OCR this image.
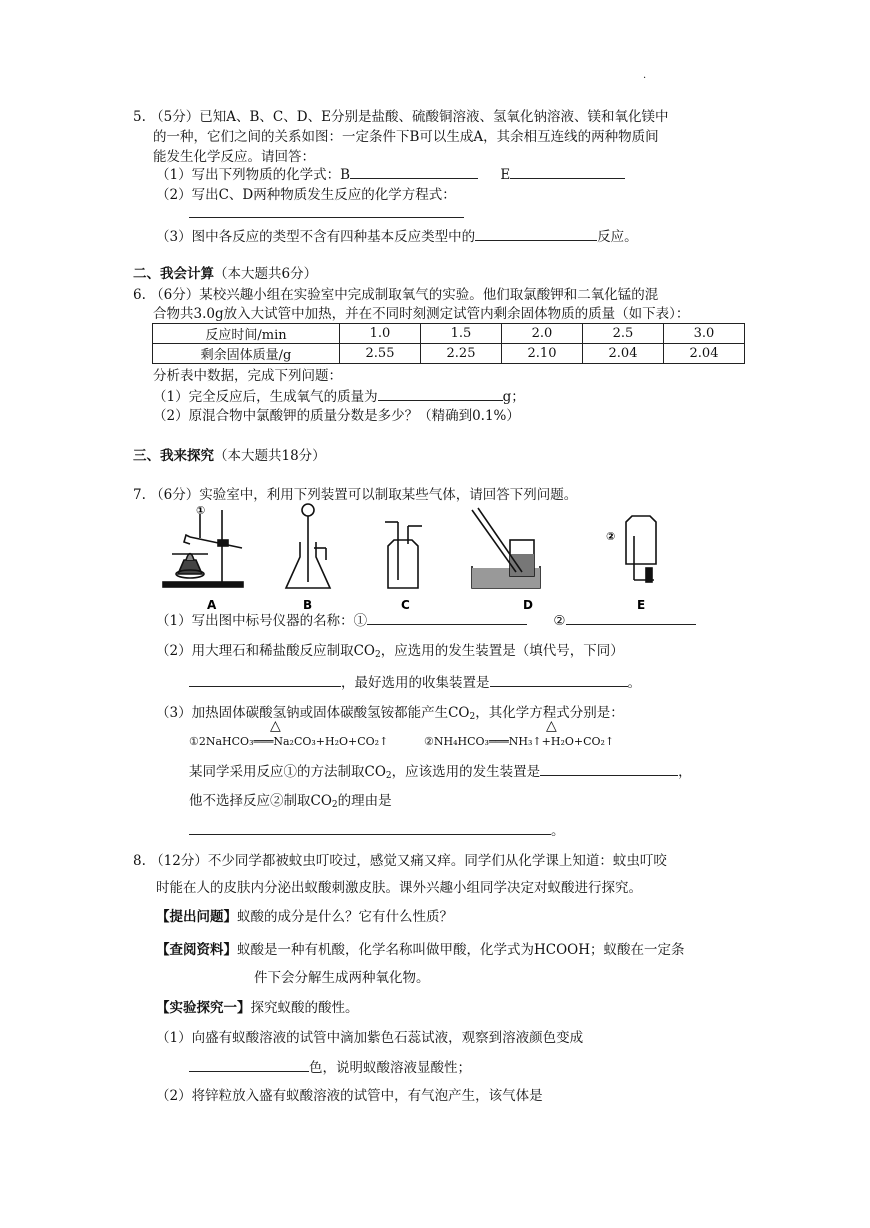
.
5. （5分）已知A、B、C、D、E分别是盐酸、硫酸铜溶液、氢氧化钠溶液、镁和氧化镁中
的一种，它们之间的关系如图：一定条件下B可以生成A，其余相互连线的两种物质间
能发生化学反应。请回答：
（1）写出下列物质的化学式：B	E
（2）写出C、D两种物质发生反应的化学方程式：
（3）图中各反应的类型不含有四种基本反应类型中的	反应。
二、我会计算（本大题共6分）
6. （6分）某校兴趣小组在实验室中完成制取氧气的实验。他们取氯酸钾和二氧化锰的混
合物共3.0g放入大试管中加热，并在不同时刻测定试管内剩余固体物质的质量（如下表）：
反应时间/min	1.0	1.5	2.0	2.5	3.0
剩余固体质量/g	2.55	2.25	2.10	2.04	2.04
分析表中数据，完成下列问题：
（1）完全反应后，生成氧气的质量为	g；
（2）原混合物中氯酸钾的质量分数是多少？（精确到0.1%）
三、我来探究（本大题共18分）
7. （6分）实验室中，利用下列装置可以制取某些气体，请回答下列问题。
①
A	B	C	D
②
E
（1）写出图中标号仪器的名称：①	②
（2）用大理石和稀盐酸反应制取$CO_2$，应选用的发生装置是（填代号，下同）
，最好选用的收集装置是	。
（3）加热固体碳酸氢钠或固体碳酸氢铵都能产生$CO_2$，其化学方程式分别是：
△	△
①2NaHCO₃═══Na₂CO₃+H₂O+CO₂↑	②NH₄HCO₃═══NH₃↑+H₂O+CO₂↑
某同学采用反应①的方法制取$CO_2$，应该选用的发生装置是	，
他不选择反应②制取$CO_2$的理由是
。
8. （12分）不少同学都被蚊虫叮咬过，感觉又痛又痒。同学们从化学课上知道：蚊虫叮咬
时能在人的皮肤内分泌出蚁酸刺激皮肤。课外兴趣小组同学决定对蚁酸进行探究。
【提出问题】蚁酸的成分是什么？它有什么性质？
【查阅资料】蚁酸是一种有机酸，化学名称叫做甲酸，化学式为HCOOH；蚁酸在一定条
件下会分解生成两种氧化物。
【实验探究一】探究蚁酸的酸性。
（1）向盛有蚁酸溶液的试管中滴加紫色石蕊试液，观察到溶液颜色变成
色，说明蚁酸溶液显酸性；
（2）将锌粒放入盛有蚁酸溶液的试管中，有气泡产生，该气体是
